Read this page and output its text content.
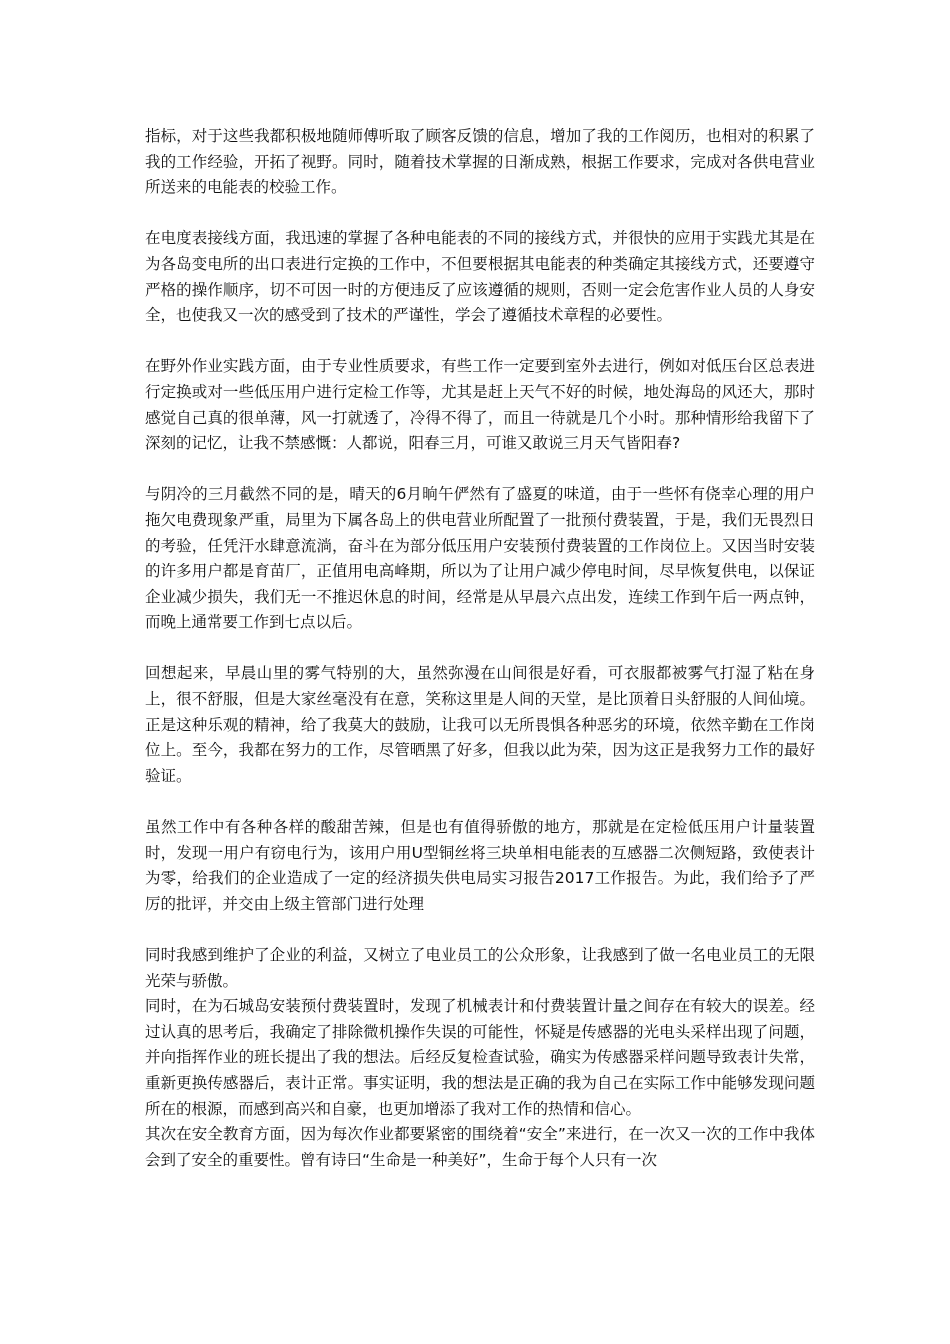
指标，对于这些我都积极地随师傅听取了顾客反馈的信息，增加了我的工作阅历，也相对的积累了我的工作经验，开拓了视野。同时，随着技术掌握的日渐成熟，根据工作要求，完成对各供电营业所送来的电能表的校验工作。

在电度表接线方面，我迅速的掌握了各种电能表的不同的接线方式，并很快的应用于实践尤其是在为各岛变电所的出口表进行定换的工作中，不但要根据其电能表的种类确定其接线方式，还要遵守严格的操作顺序，切不可因一时的方便违反了应该遵循的规则，否则一定会危害作业人员的人身安全，也使我又一次的感受到了技术的严谨性，学会了遵循技术章程的必要性。

在野外作业实践方面，由于专业性质要求，有些工作一定要到室外去进行，例如对低压台区总表进行定换或对一些低压用户进行定检工作等，尤其是赶上天气不好的时候，地处海岛的风还大，那时感觉自己真的很单薄，风一打就透了，冷得不得了，而且一待就是几个小时。那种情形给我留下了深刻的记忆，让我不禁感慨：人都说，阳春三月，可谁又敢说三月天气皆阳春?

与阴冷的三月截然不同的是，晴天的6月晌午俨然有了盛夏的味道，由于一些怀有侥幸心理的用户拖欠电费现象严重，局里为下属各岛上的供电营业所配置了一批预付费装置，于是，我们无畏烈日的考验，任凭汗水肆意流淌，奋斗在为部分低压用户安装预付费装置的工作岗位上。又因当时安装的许多用户都是育苗厂，正值用电高峰期，所以为了让用户减少停电时间，尽早恢复供电，以保证企业减少损失，我们无一不推迟休息的时间，经常是从早晨六点出发，连续工作到午后一两点钟，而晚上通常要工作到七点以后。

回想起来，早晨山里的雾气特别的大，虽然弥漫在山间很是好看，可衣服都被雾气打湿了粘在身上，很不舒服，但是大家丝毫没有在意，笑称这里是人间的天堂，是比顶着日头舒服的人间仙境。正是这种乐观的精神，给了我莫大的鼓励，让我可以无所畏惧各种恶劣的环境，依然辛勤在工作岗位上。至今，我都在努力的工作，尽管晒黑了好多，但我以此为荣，因为这正是我努力工作的最好验证。

虽然工作中有各种各样的酸甜苦辣，但是也有值得骄傲的地方，那就是在定检低压用户计量装置时，发现一用户有窃电行为，该用户用U型铜丝将三块单相电能表的互感器二次侧短路，致使表计为零，给我们的企业造成了一定的经济损失供电局实习报告2017工作报告。为此，我们给予了严厉的批评，并交由上级主管部门进行处理

同时我感到维护了企业的利益，又树立了电业员工的公众形象，让我感到了做一名电业员工的无限光荣与骄傲。

同时，在为石城岛安装预付费装置时，发现了机械表计和付费装置计量之间存在有较大的误差。经过认真的思考后，我确定了排除微机操作失误的可能性，怀疑是传感器的光电头采样出现了问题，并向指挥作业的班长提出了我的想法。后经反复检查试验，确实为传感器采样问题导致表计失常，重新更换传感器后，表计正常。事实证明，我的想法是正确的我为自己在实际工作中能够发现问题所在的根源，而感到高兴和自豪，也更加增添了我对工作的热情和信心。

其次在安全教育方面，因为每次作业都要紧密的围绕着“安全”来进行，在一次又一次的工作中我体会到了安全的重要性。曾有诗曰“生命是一种美好”，生命于每个人只有一次
